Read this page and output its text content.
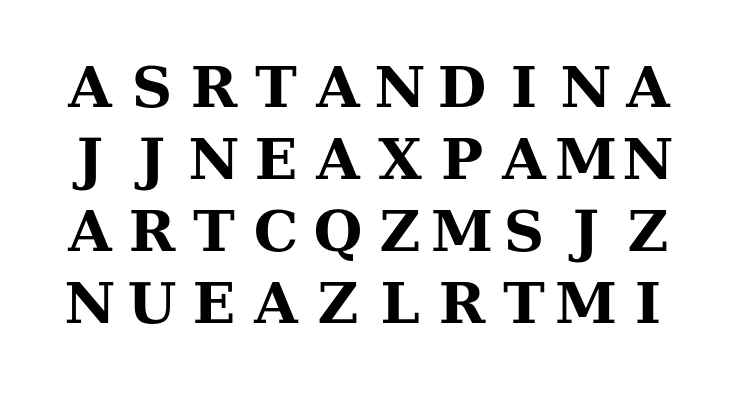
A S R T A N D I N A
J J N E A X P A M N
A R T C Q Z M S J Z
N U E A Z L R T M I
